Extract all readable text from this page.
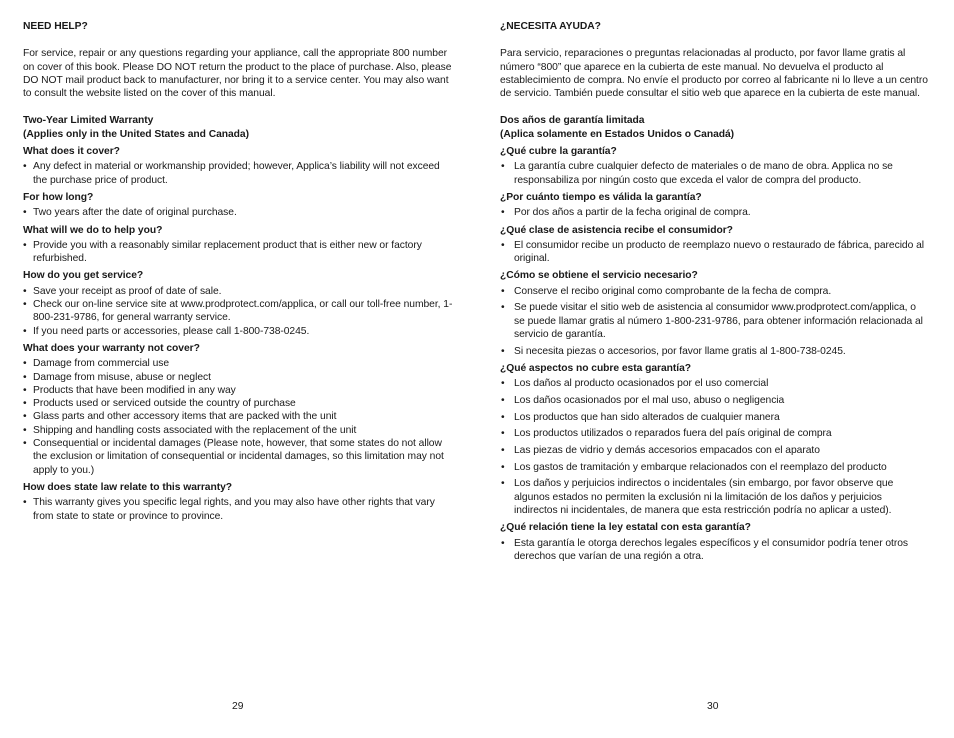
NEED HELP?

For service, repair or any questions regarding your appliance, call the appropriate 800 number on cover of this book. Please DO NOT return the product to the place of purchase. Also, please DO NOT mail product back to manufacturer, nor bring it to a service center. You may also want to consult the website listed on the cover of this manual.

Two-Year Limited Warranty
(Applies only in the United States and Canada)
What does it cover?
• Any defect in material or workmanship provided; however, Applica’s liability will not exceed the purchase price of product.
For how long?
• Two years after the date of original purchase.
What will we do to help you?
• Provide you with a reasonably similar replacement product that is either new or factory refurbished.
How do you get service?
• Save your receipt as proof of date of sale.
• Check our on-line service site at www.prodprotect.com/applica, or call our toll-free number, 1-800-231-9786, for general warranty service.
• If you need parts or accessories, please call 1-800-738-0245.
What does your warranty not cover?
• Damage from commercial use
• Damage from misuse, abuse or neglect
• Products that have been modified in any way
• Products used or serviced outside the country of purchase
• Glass parts and other accessory items that are packed with the unit
• Shipping and handling costs associated with the replacement of the unit
• Consequential or incidental damages (Please note, however, that some states do not allow the exclusion or limitation of consequential or incidental damages, so this limitation may not apply to you.)
How does state law relate to this warranty?
• This warranty gives you specific legal rights, and you may also have other rights that vary from state to state or province to province.
¿NECESITA AYUDA?

Para servicio, reparaciones o preguntas relacionadas al producto, por favor llame gratis al número “800” que aparece en la cubierta de este manual. No devuelva el producto al establecimiento de compra. No envíe el producto por correo al fabricante ni lo lleve a un centro de servicio. También puede consultar el sitio web que aparece en la cubierta de este manual.

Dos años de garantía limitada
(Aplica solamente en Estados Unidos o Canadá)
¿Qué cubre la garantía?
• La garantía cubre cualquier defecto de materiales o de mano de obra. Applica no se responsabiliza por ningún costo que exceda el valor de compra del producto.
¿Por cuánto tiempo es válida la garantía?
• Por dos años a partir de la fecha original de compra.
¿Qué clase de asistencia recibe el consumidor?
• El consumidor recibe un producto de reemplazo nuevo o restaurado de fábrica, parecido al original.
¿Cómo se obtiene el servicio necesario?
• Conserve el recibo original como comprobante de la fecha de compra.
• Se puede visitar el sitio web de asistencia al consumidor www.prodprotect.com/applica, o se puede llamar gratis al número 1-800-231-9786, para obtener información relacionada al servicio de garantía.
• Si necesita piezas o accesorios, por favor llame gratis al 1-800-738-0245.
¿Qué aspectos no cubre esta garantía?
• Los daños al producto ocasionados por el uso comercial
• Los daños ocasionados por el mal uso, abuso o negligencia
• Los productos que han sido alterados de cualquier manera
• Los productos utilizados o reparados fuera del país original de compra
• Las piezas de vidrio y demás accesorios empacados con el aparato
• Los gastos de tramitación y embarque relacionados con el reemplazo del producto
• Los daños y perjuicios indirectos o incidentales (sin embargo, por favor observe que algunos estados no permiten la exclusión ni la limitación de los daños y perjuicios indirectos ni incidentales, de manera que esta restricción podría no aplicar a usted).
¿Qué relación tiene la ley estatal con esta garantía?
• Esta garantía le otorga derechos legales específicos y el consumidor podría tener otros derechos que varían de una región a otra.
29	30
